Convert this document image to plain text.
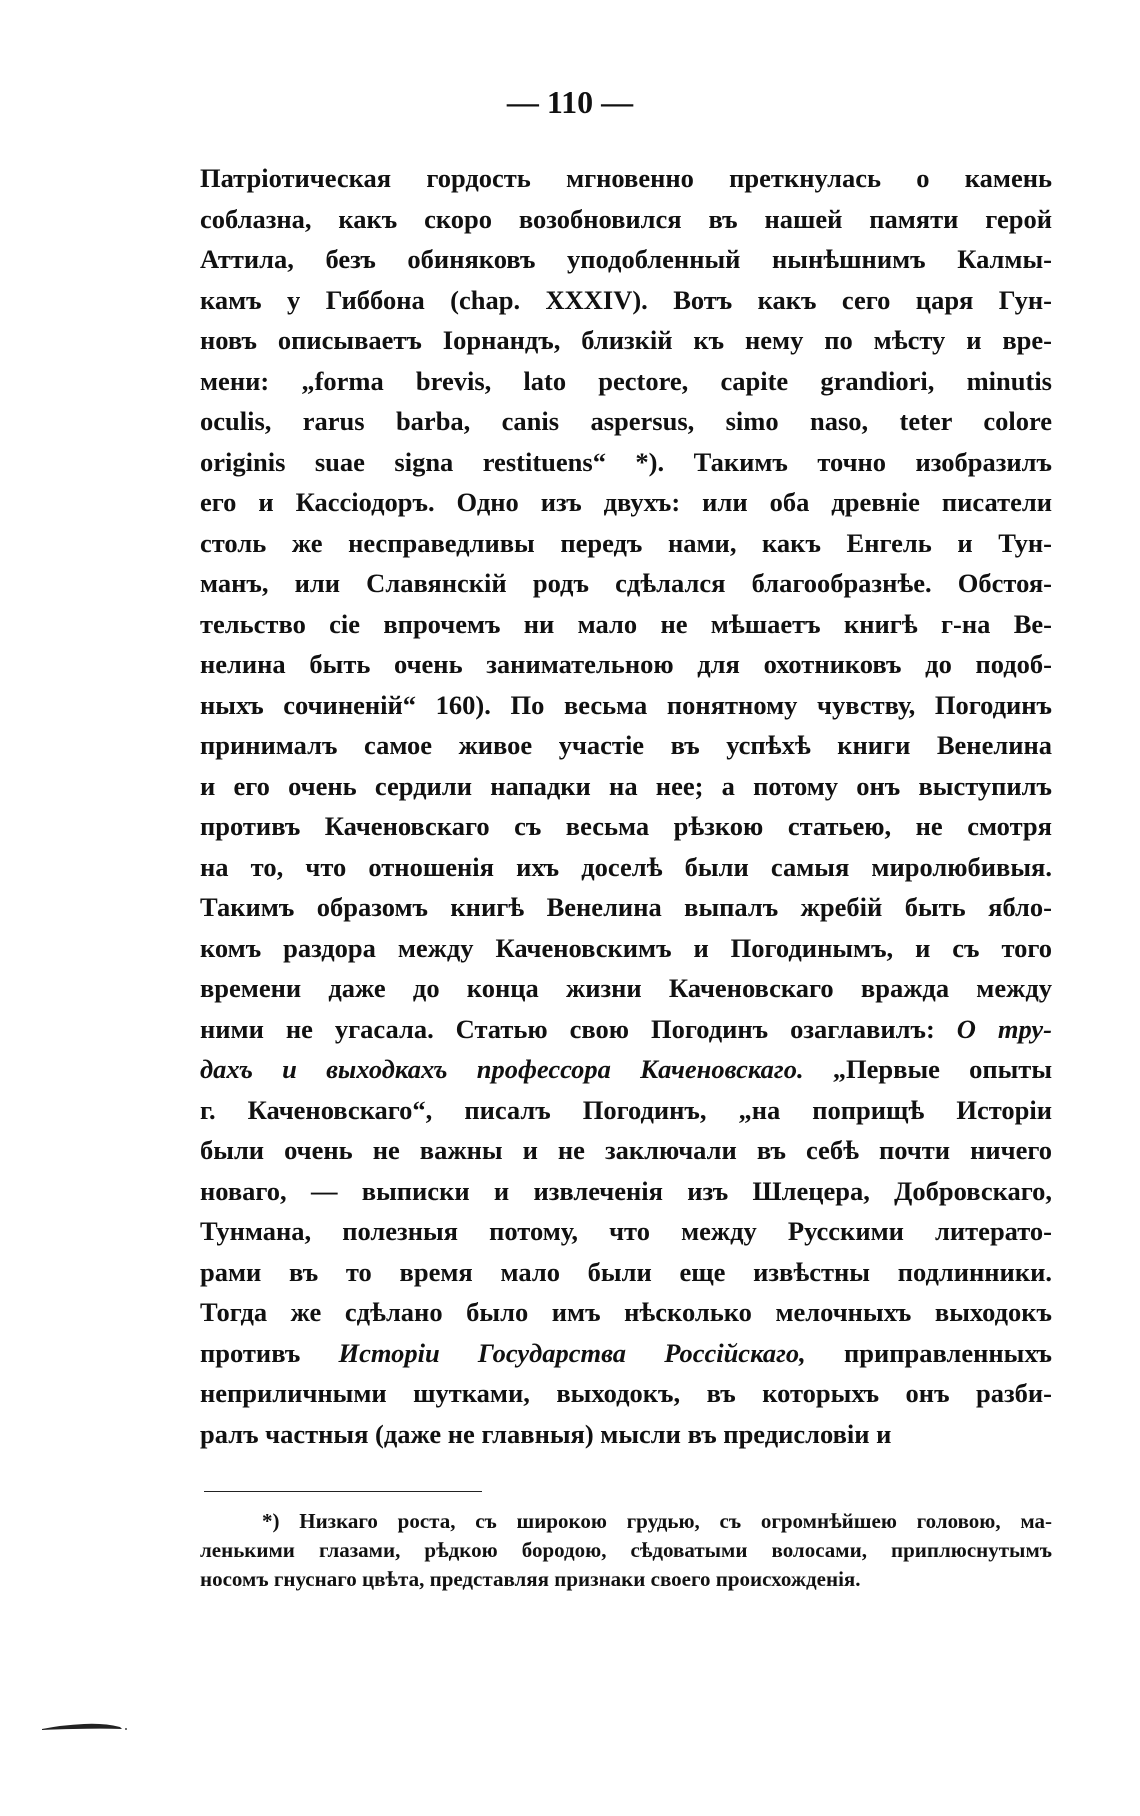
— 110 —
Патріотическая гордость мгновенно преткнулась о камень
соблазна, какъ скоро возобновился въ нашей памяти герой
Аттила, безъ обиняковъ уподобленный нынѣшнимъ Калмы-
камъ у Гиббона (chap. XXXIV). Вотъ какъ сего царя Гун-
новъ описываетъ Іорнандъ, близкій къ нему по мѣсту и вре-
мени: „forma brevis, lato pectore, capite grandiori, minutis
oculis, rarus barba, canis aspersus, simo naso, teter colore
originis suae signa restituens“ *). Такимъ точно изобразилъ
его и Кассіодоръ. Одно изъ двухъ: или оба древніе писатели
столь же несправедливы передъ нами, какъ Енгель и Тун-
манъ, или Славянскій родъ сдѣлался благообразнѣе. Обстоя-
тельство сіе впрочемъ ни мало не мѣшаетъ книгѣ г-на Ве-
нелина быть очень занимательною для охотниковъ до подоб-
ныхъ сочиненій“ 160). По весьма понятному чувству, Погодинъ
принималъ самое живое участіе въ успѣхѣ книги Венелина
и его очень сердили нападки на нее; а потому онъ выступилъ
противъ Каченовскаго съ весьма рѣзкою статьею, не смотря
на то, что отношенія ихъ доселѣ были самыя миролюбивыя.
Такимъ образомъ книгѣ Венелина выпалъ жребій быть ябло-
комъ раздора между Каченовскимъ и Погодинымъ, и съ того
времени даже до конца жизни Каченовскаго вражда между
ними не угасала. Статью свою Погодинъ озаглавилъ: О тру-
дахъ и выходкахъ профессора Каченовскаго. „Первые опыты
г. Каченовскаго“, писалъ Погодинъ, „на поприщѣ Исторіи
были очень не важны и не заключали въ себѣ почти ничего
новаго, — выписки и извлеченія изъ Шлецера, Добровскаго,
Тунмана, полезныя потому, что между Русскими литерато-
рами въ то время мало были еще извѣстны подлинники.
Тогда же сдѣлано было имъ нѣсколько мелочныхъ выходокъ
противъ Исторіи Государства Россійскаго, приправленныхъ
неприличными шутками, выходокъ, въ которыхъ онъ разби-
ралъ частныя (даже не главныя) мысли въ предисловіи и
*) Низкаго роста, съ широкою грудью, съ огромнѣйшею головою, ма-
ленькими глазами, рѣдкою бородою, сѣдоватыми волосами, приплюснутымъ
носомъ гнуснаго цвѣта, представляя признаки своего происхожденія.
